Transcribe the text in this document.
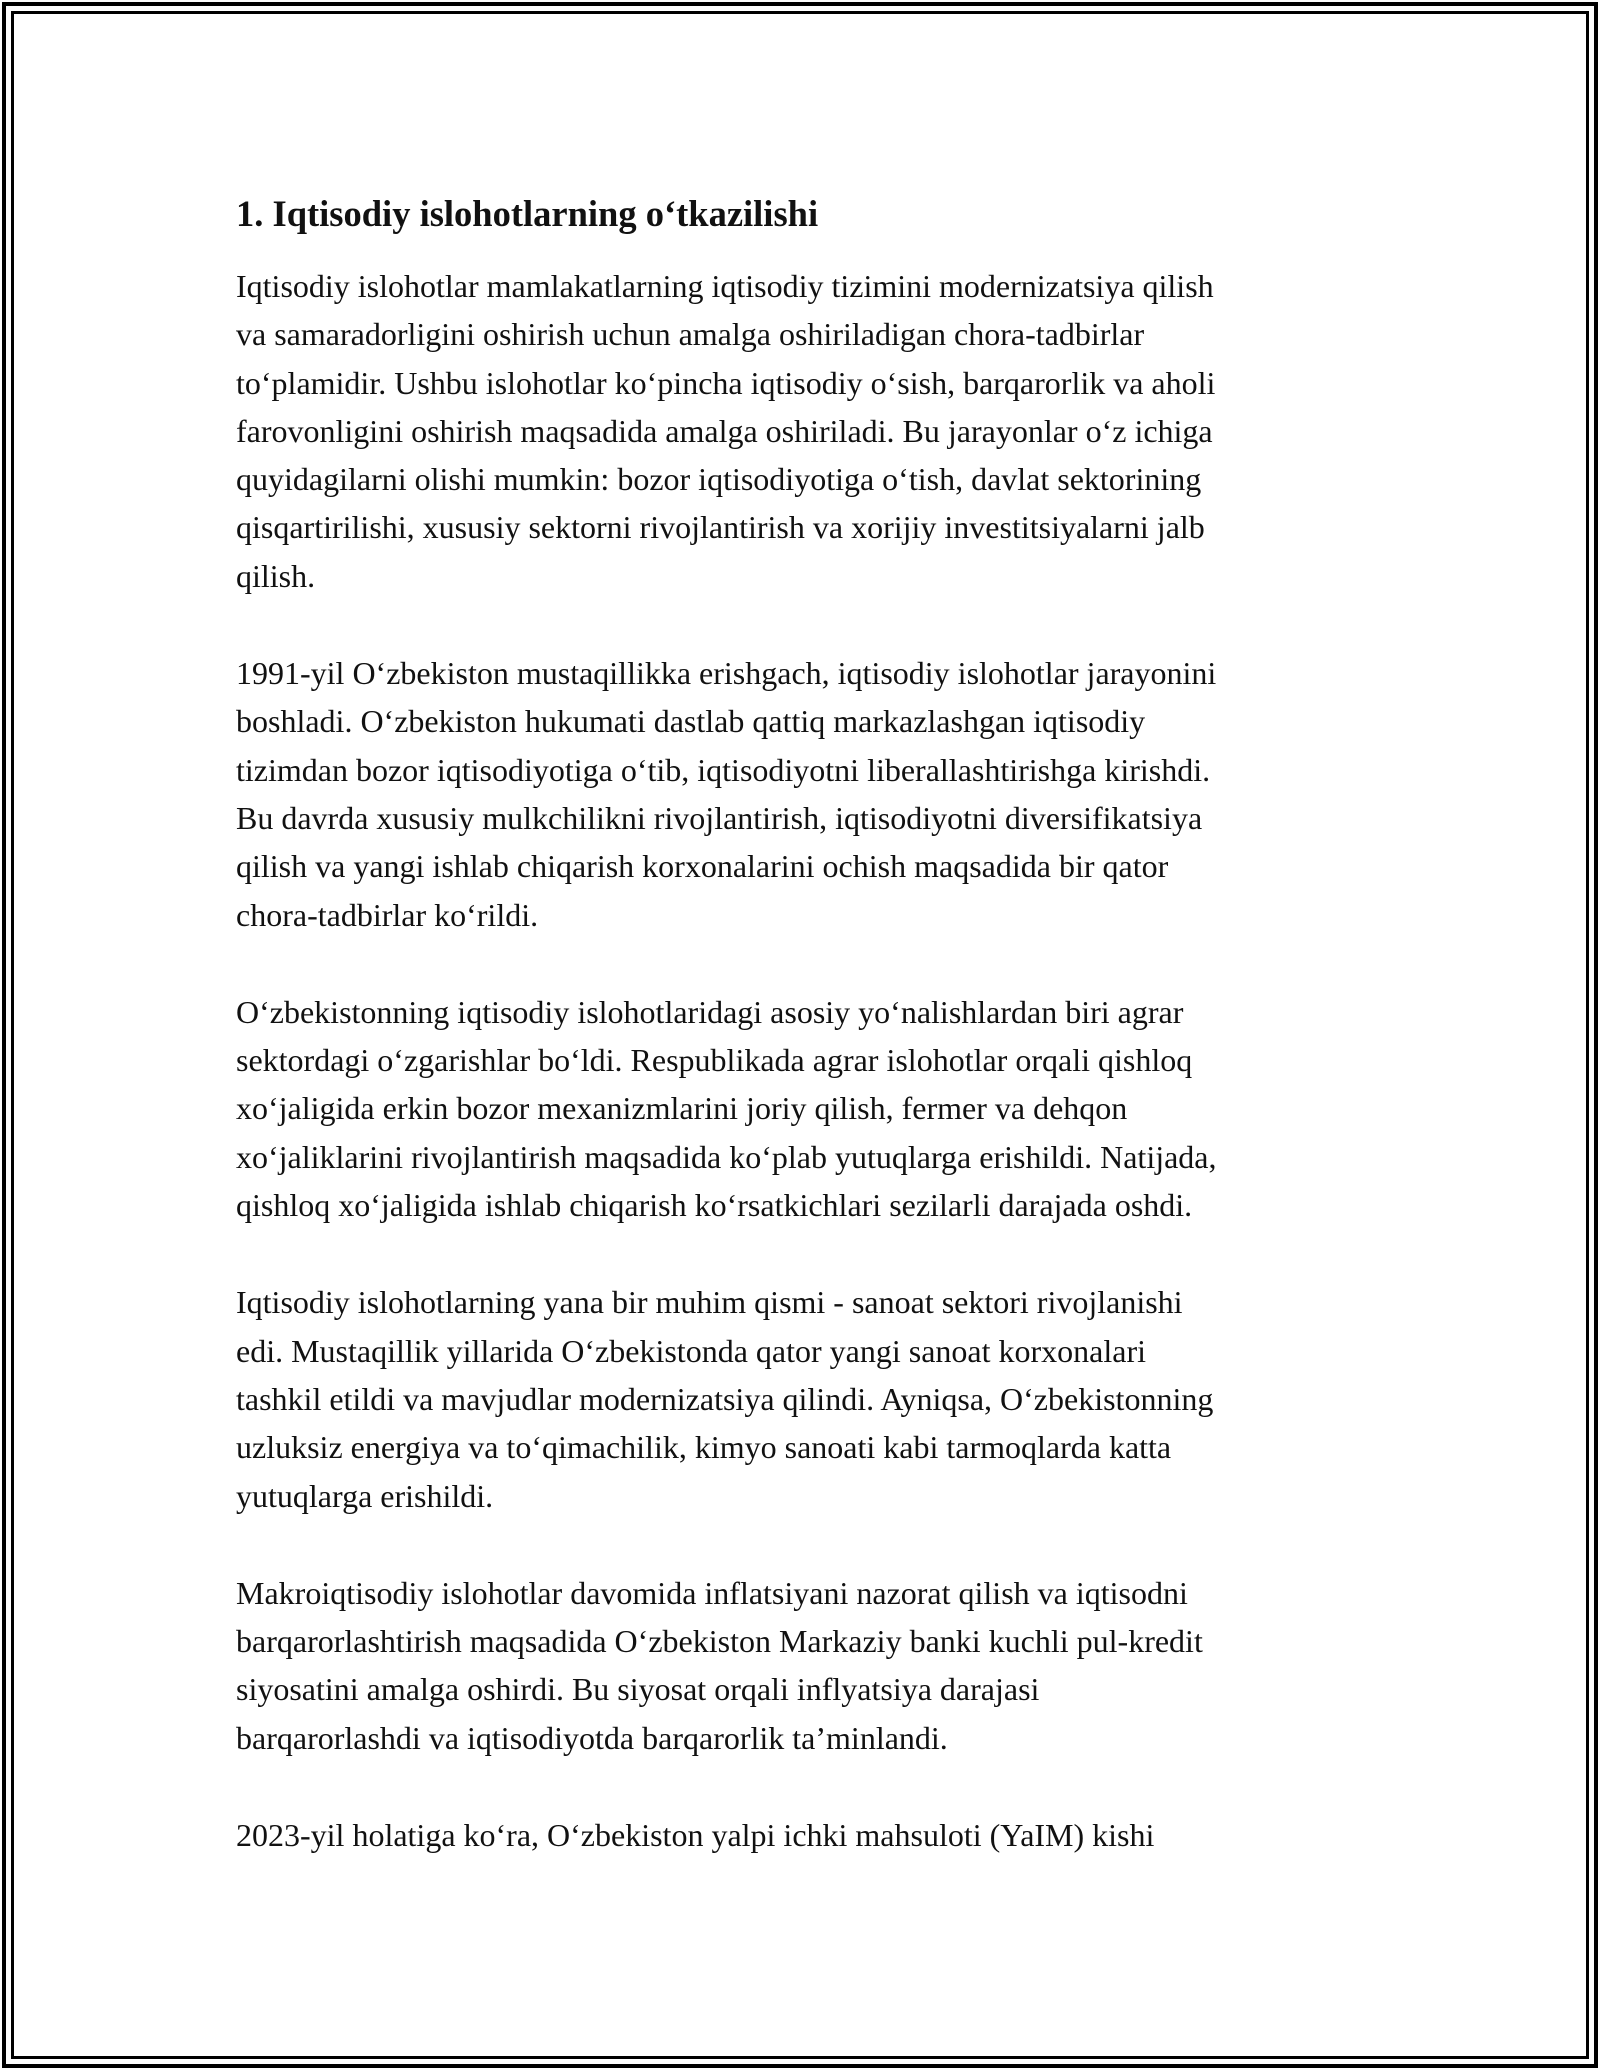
1. Iqtisodiy islohotlarning o‘tkazilishi

Iqtisodiy islohotlar mamlakatlarning iqtisodiy tizimini modernizatsiya qilish
va samaradorligini oshirish uchun amalga oshiriladigan chora-tadbirlar
to‘plamidir. Ushbu islohotlar ko‘pincha iqtisodiy o‘sish, barqarorlik va aholi
farovonligini oshirish maqsadida amalga oshiriladi. Bu jarayonlar o‘z ichiga
quyidagilarni olishi mumkin: bozor iqtisodiyotiga o‘tish, davlat sektorining
qisqartirilishi, xususiy sektorni rivojlantirish va xorijiy investitsiyalarni jalb
qilish.

1991-yil O‘zbekiston mustaqillikka erishgach, iqtisodiy islohotlar jarayonini
boshladi. O‘zbekiston hukumati dastlab qattiq markazlashgan iqtisodiy
tizimdan bozor iqtisodiyotiga o‘tib, iqtisodiyotni liberallashtirishga kirishdi.
Bu davrda xususiy mulkchilikni rivojlantirish, iqtisodiyotni diversifikatsiya
qilish va yangi ishlab chiqarish korxonalarini ochish maqsadida bir qator
chora-tadbirlar ko‘rildi.

O‘zbekistonning iqtisodiy islohotlaridagi asosiy yo‘nalishlardan biri agrar
sektordagi o‘zgarishlar bo‘ldi. Respublikada agrar islohotlar orqali qishloq
xo‘jaligida erkin bozor mexanizmlarini joriy qilish, fermer va dehqon
xo‘jaliklarini rivojlantirish maqsadida ko‘plab yutuqlarga erishildi. Natijada,
qishloq xo‘jaligida ishlab chiqarish ko‘rsatkichlari sezilarli darajada oshdi.

Iqtisodiy islohotlarning yana bir muhim qismi - sanoat sektori rivojlanishi
edi. Mustaqillik yillarida O‘zbekistonda qator yangi sanoat korxonalari
tashkil etildi va mavjudlar modernizatsiya qilindi. Ayniqsa, O‘zbekistonning
uzluksiz energiya va to‘qimachilik, kimyo sanoati kabi tarmoqlarda katta
yutuqlarga erishildi.

Makroiqtisodiy islohotlar davomida inflatsiyani nazorat qilish va iqtisodni
barqarorlashtirish maqsadida O‘zbekiston Markaziy banki kuchli pul-kredit
siyosatini amalga oshirdi. Bu siyosat orqali inflyatsiya darajasi
barqarorlashdi va iqtisodiyotda barqarorlik ta’minlandi.

2023-yil holatiga ko‘ra, O‘zbekiston yalpi ichki mahsuloti (YaIM) kishi
